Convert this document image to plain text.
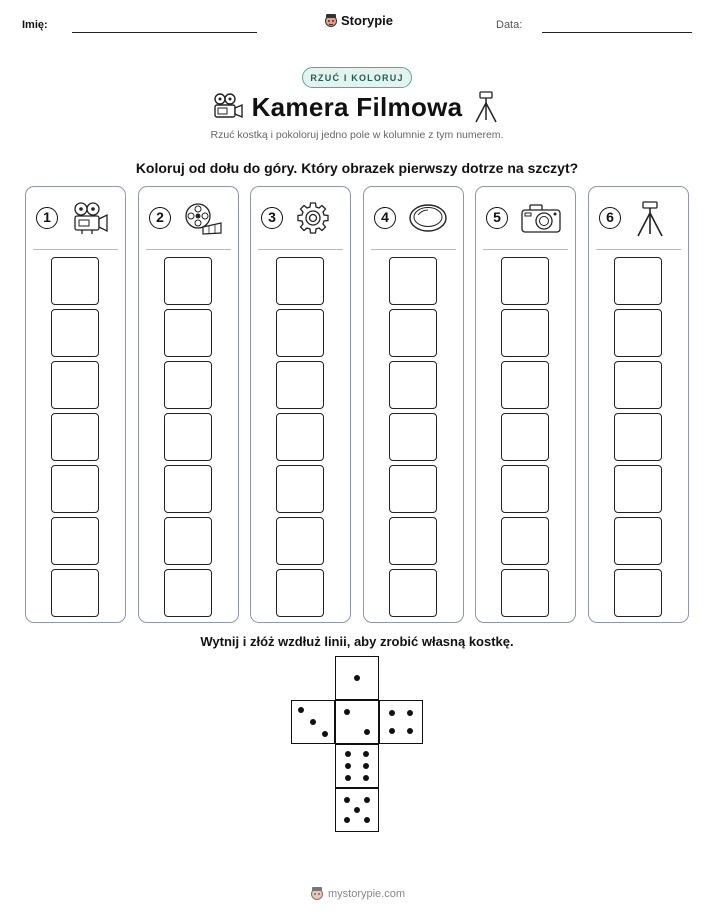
Imię:	Storypie	Data:
RZUĆ I KOLORUJ
Kamera Filmowa
Rzuć kostką i pokoloruj jedno pole w kolumnie z tym numerem.
Koloruj od dołu do góry. Który obrazek pierwszy dotrze na szczyt?
1	2	3	4	5	6
Wytnij i złóż wzdłuż linii, aby zrobić własną kostkę.
mystorypie.com
